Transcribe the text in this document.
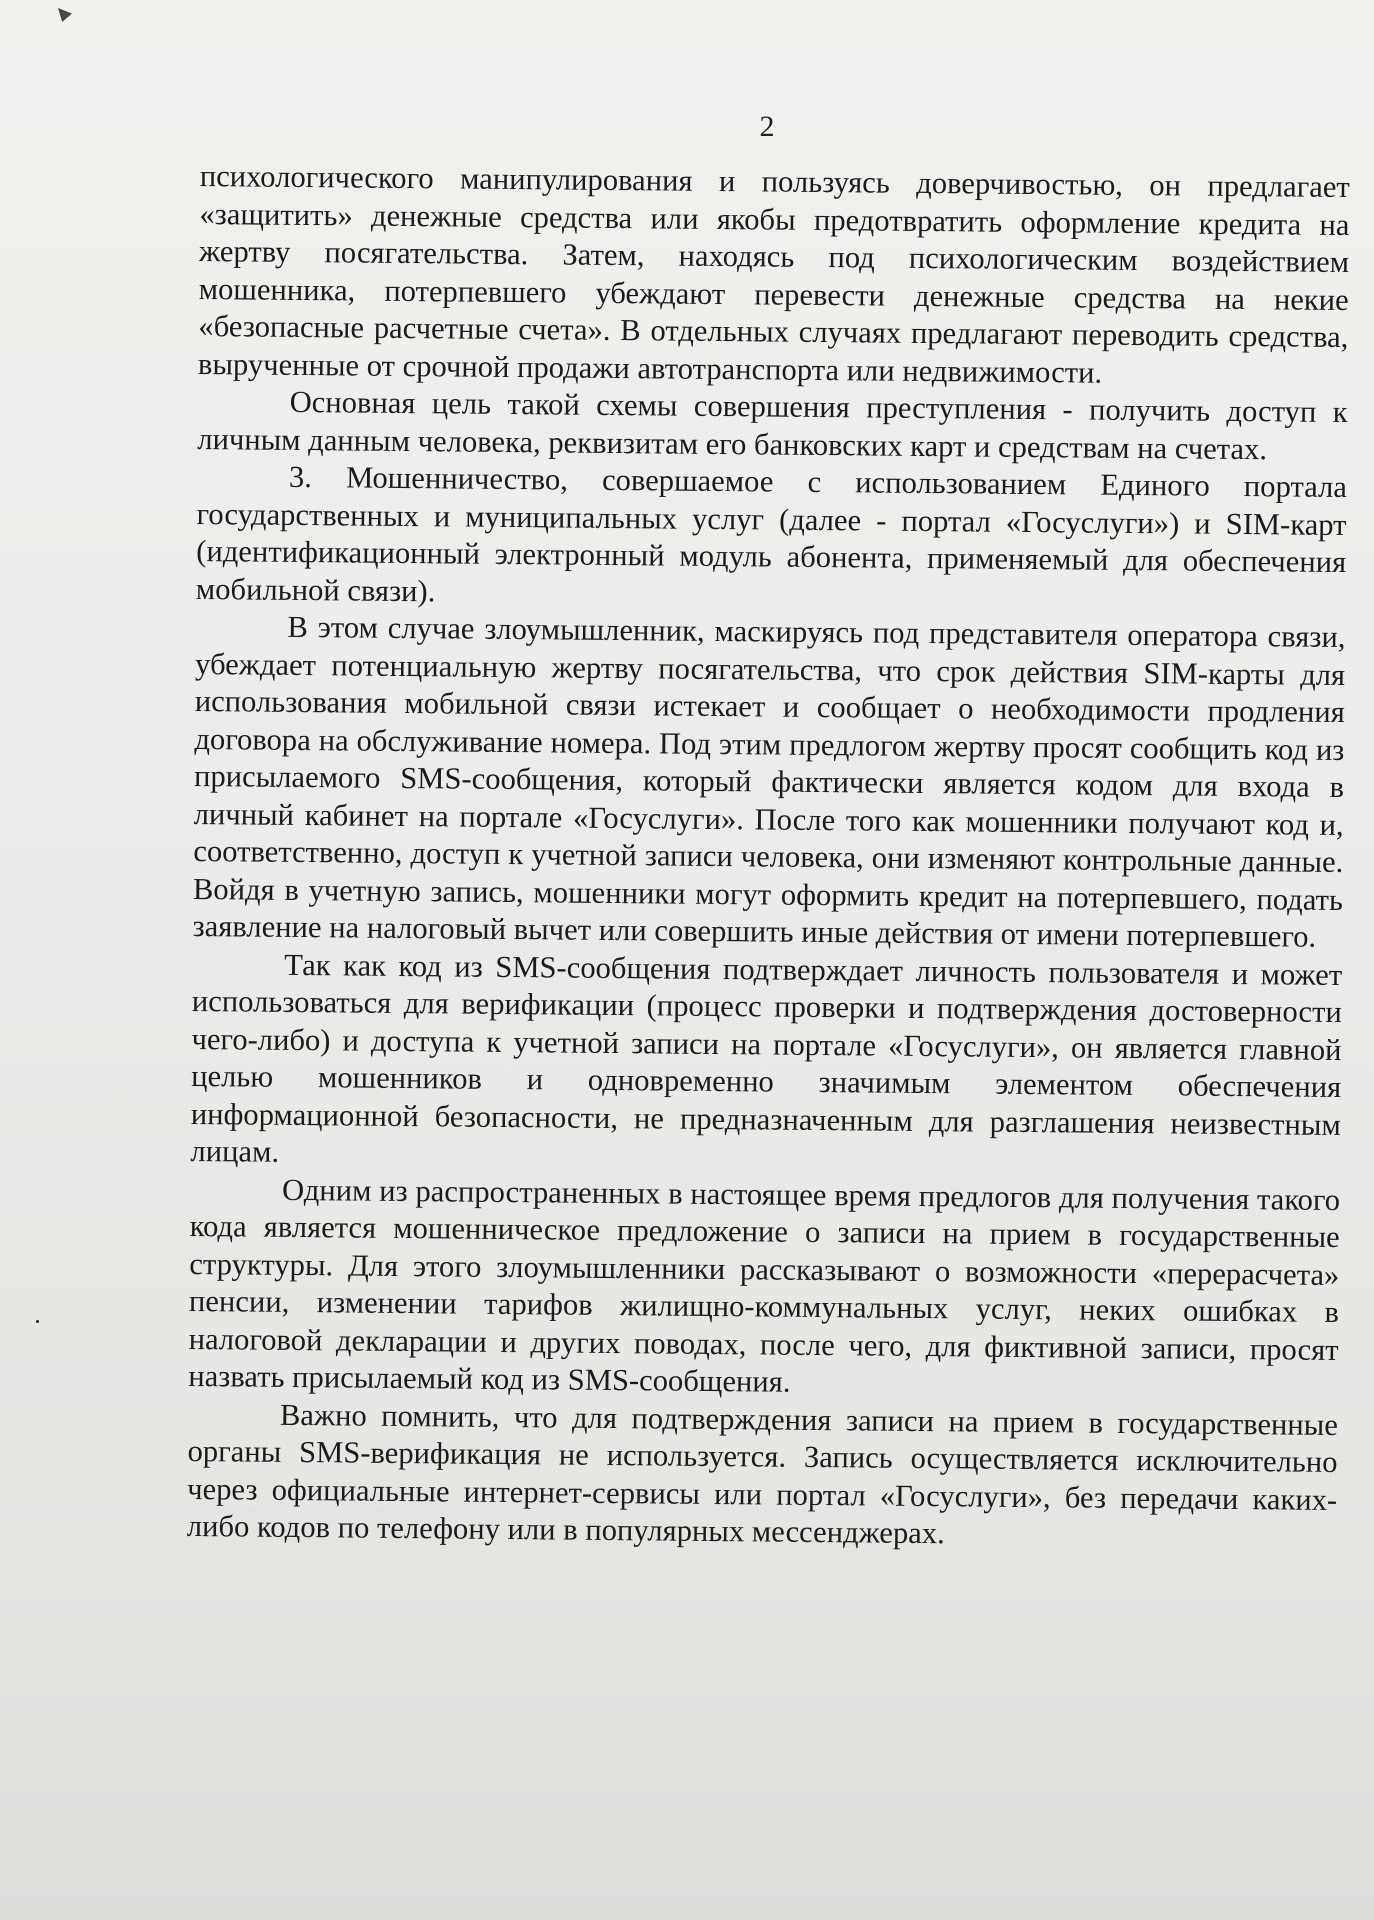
2

психологического манипулирования и пользуясь доверчивостью, он предлагает «защитить» денежные средства или якобы предотвратить оформление кредита на жертву посягательства. Затем, находясь под психологическим воздействием мошенника, потерпевшего убеждают перевести денежные средства на некие «безопасные расчетные счета». В отдельных случаях предлагают переводить средства, вырученные от срочной продажи автотранспорта или недвижимости.

Основная цель такой схемы совершения преступления - получить доступ к личным данным человека, реквизитам его банковских карт и средствам на счетах.

3. Мошенничество, совершаемое с использованием Единого портала государственных и муниципальных услуг (далее - портал «Госуслуги») и SIM-карт (идентификационный электронный модуль абонента, применяемый для обеспечения мобильной связи).

В этом случае злоумышленник, маскируясь под представителя оператора связи, убеждает потенциальную жертву посягательства, что срок действия SIM-карты для использования мобильной связи истекает и сообщает о необходимости продления договора на обслуживание номера. Под этим предлогом жертву просят сообщить код из присылаемого SMS-сообщения, который фактически является кодом для входа в личный кабинет на портале «Госуслуги». После того как мошенники получают код и, соответственно, доступ к учетной записи человека, они изменяют контрольные данные. Войдя в учетную запись, мошенники могут оформить кредит на потерпевшего, подать заявление на налоговый вычет или совершить иные действия от имени потерпевшего.

Так как код из SMS-сообщения подтверждает личность пользователя и может использоваться для верификации (процесс проверки и подтверждения достоверности чего-либо) и доступа к учетной записи на портале «Госуслуги», он является главной целью мошенников и одновременно значимым элементом обеспечения информационной безопасности, не предназначенным для разглашения неизвестным лицам.

Одним из распространенных в настоящее время предлогов для получения такого кода является мошенническое предложение о записи на прием в государственные структуры. Для этого злоумышленники рассказывают о возможности «перерасчета» пенсии, изменении тарифов жилищно-коммунальных услуг, неких ошибках в налоговой декларации и других поводах, после чего, для фиктивной записи, просят назвать присылаемый код из SMS-сообщения.

Важно помнить, что для подтверждения записи на прием в государственные органы SMS-верификация не используется. Запись осуществляется исключительно через официальные интернет-сервисы или портал «Госуслуги», без передачи каких-либо кодов по телефону или в популярных мессенджерах.
